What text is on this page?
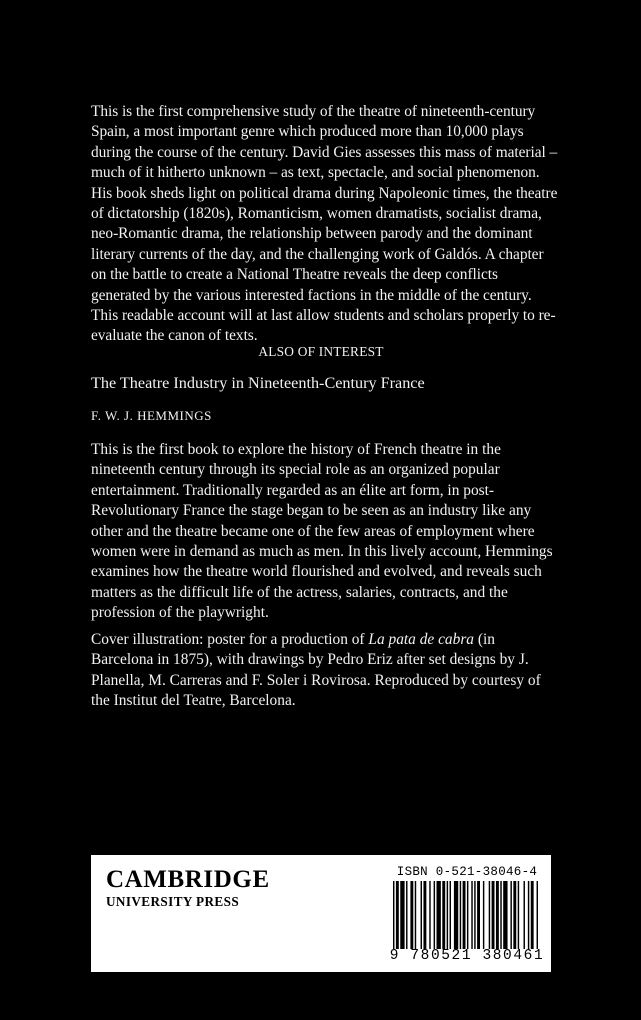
This is the first comprehensive study of the theatre of nineteenth-century Spain, a most important genre which produced more than 10,000 plays during the course of the century. David Gies assesses this mass of material – much of it hitherto unknown – as text, spectacle, and social phenomenon. His book sheds light on political drama during Napoleonic times, the theatre of dictatorship (1820s), Romanticism, women dramatists, socialist drama, neo-Romantic drama, the relationship between parody and the dominant literary currents of the day, and the challenging work of Galdós. A chapter on the battle to create a National Theatre reveals the deep conflicts generated by the various interested factions in the middle of the century. This readable account will at last allow students and scholars properly to re-evaluate the canon of texts.

ALSO OF INTEREST

The Theatre Industry in Nineteenth-Century France

F. W. J. HEMMINGS

This is the first book to explore the history of French theatre in the nineteenth century through its special role as an organized popular entertainment. Traditionally regarded as an élite art form, in post-Revolutionary France the stage began to be seen as an industry like any other and the theatre became one of the few areas of employment where women were in demand as much as men. In this lively account, Hemmings examines how the theatre world flourished and evolved, and reveals such matters as the difficult life of the actress, salaries, contracts, and the profession of the playwright.

Cover illustration: poster for a production of La pata de cabra (in Barcelona in 1875), with drawings by Pedro Eriz after set designs by J. Planella, M. Carreras and F. Soler i Rovirosa. Reproduced by courtesy of the Institut del Teatre, Barcelona.

CAMBRIDGE
UNIVERSITY PRESS
ISBN 0-521-38046-4
9 780521 380461
